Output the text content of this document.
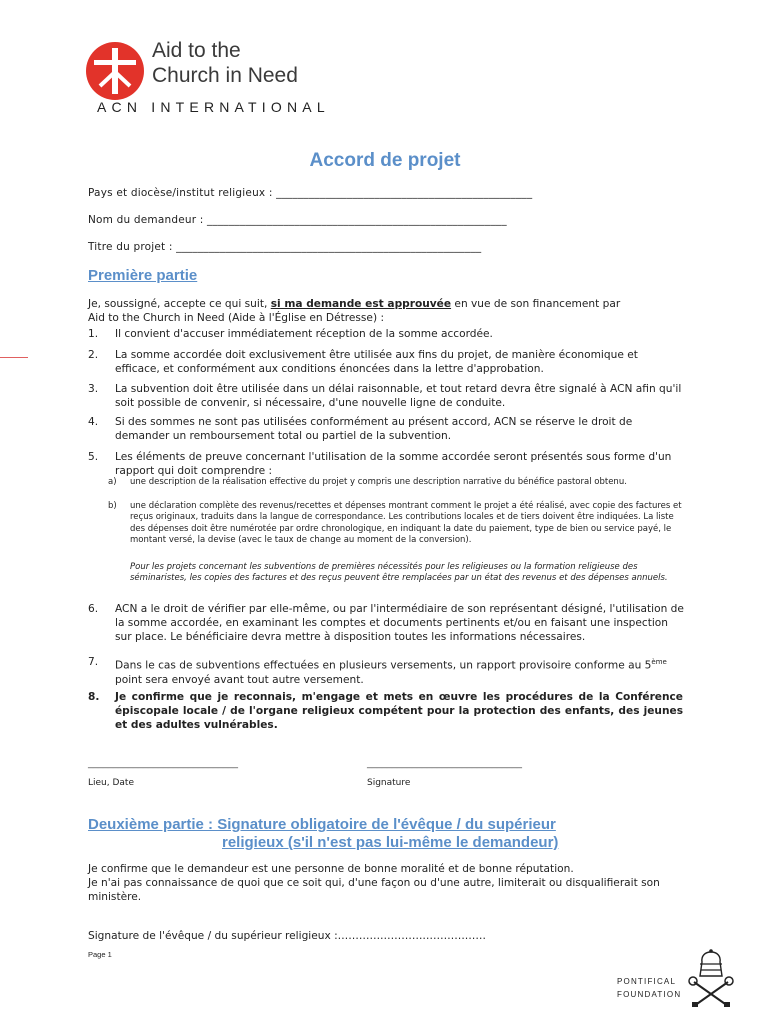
Aid to the
Church in Need
ACN INTERNATIONAL
Accord de projet
Pays et diocèse/institut religieux : _______________________________________________
Nom du demandeur : _______________________________________________________
Titre du projet : ________________________________________________________
Première partie
Je, soussigné, accepte ce qui suit, si ma demande est approuvée en vue de son financement par
Aid to the Church in Need (Aide à l'Église en Détresse) :
1. Il convient d'accuser immédiatement réception de la somme accordée.
2. La somme accordée doit exclusivement être utilisée aux fins du projet, de manière économique et efficace, et conformément aux conditions énoncées dans la lettre d'approbation.
3. La subvention doit être utilisée dans un délai raisonnable, et tout retard devra être signalé à ACN afin qu'il soit possible de convenir, si nécessaire, d'une nouvelle ligne de conduite.
4. Si des sommes ne sont pas utilisées conformément au présent accord, ACN se réserve le droit de demander un remboursement total ou partiel de la subvention.
5. Les éléments de preuve concernant l'utilisation de la somme accordée seront présentés sous forme d'un rapport qui doit comprendre :
a) une description de la réalisation effective du projet y compris une description narrative du bénéfice pastoral obtenu.
b) une déclaration complète des revenus/recettes et dépenses montrant comment le projet a été réalisé, avec copie des factures et reçus originaux, traduits dans la langue de correspondance. Les contributions locales et de tiers doivent être indiquées. La liste des dépenses doit être numérotée par ordre chronologique, en indiquant la date du paiement, type de bien ou service payé, le montant versé, la devise (avec le taux de change au moment de la conversion).
Pour les projets concernant les subventions de premières nécessités pour les religieuses ou la formation religieuse des séminaristes, les copies des factures et des reçus peuvent être remplacées par un état des revenus et des dépenses annuels.
6. ACN a le droit de vérifier par elle-même, ou par l'intermédiaire de son représentant désigné, l'utilisation de la somme accordée, en examinant les comptes et documents pertinents et/ou en faisant une inspection sur place. Le bénéficiaire devra mettre à disposition toutes les informations nécessaires.
7. Dans le cas de subventions effectuées en plusieurs versements, un rapport provisoire conforme au 5ème point sera envoyé avant tout autre versement.
8. Je confirme que je reconnais, m'engage et mets en œuvre les procédures de la Conférence épiscopale locale / de l'organe religieux compétent pour la protection des enfants, des jeunes et des adultes vulnérables.
______________________________	_______________________________
Lieu, Date	Signature
Deuxième partie : Signature obligatoire de l'évêque / du supérieur
religieux (s'il n'est pas lui-même le demandeur)
Je confirme que le demandeur est une personne de bonne moralité et de bonne réputation.
Je n'ai pas connaissance de quoi que ce soit qui, d'une façon ou d'une autre, limiterait ou disqualifierait son ministère.
Signature de l'évêque / du supérieur religieux :……………………………………
Page 1
PONTIFICAL
FOUNDATION
